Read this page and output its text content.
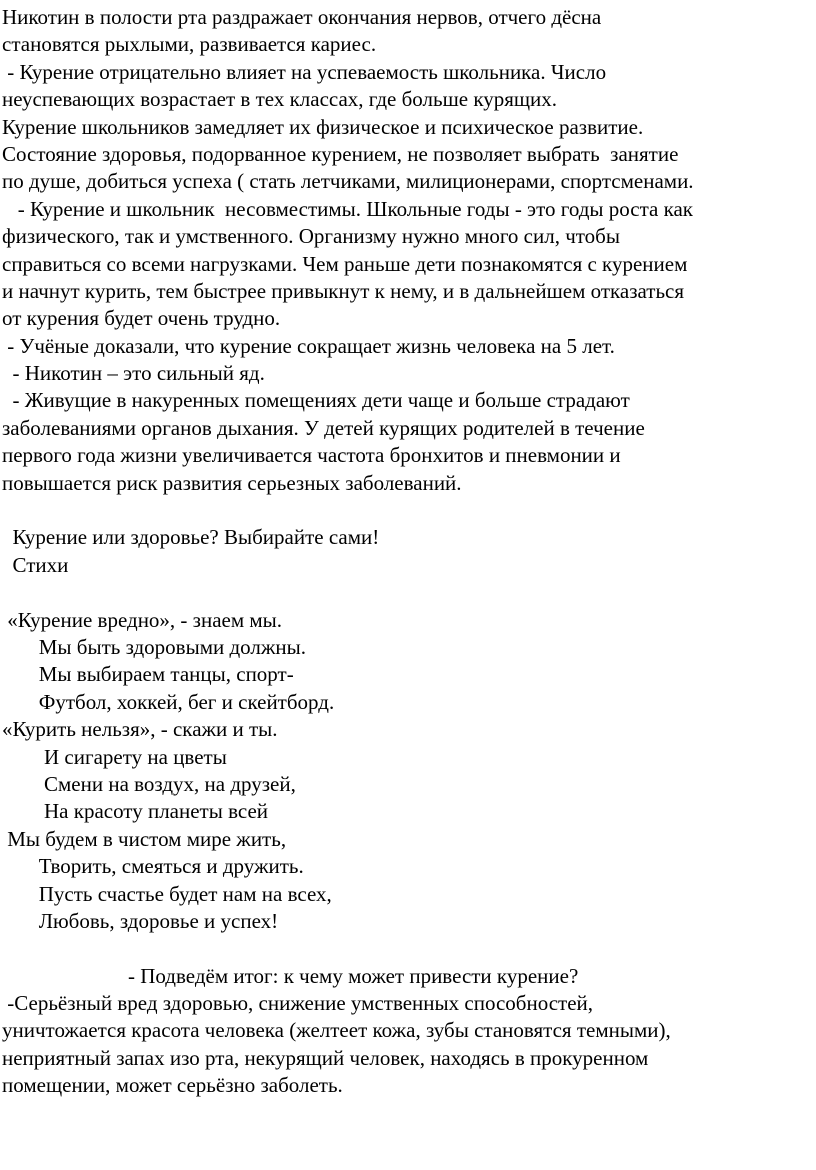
Никотин в полости рта раздражает окончания нервов, отчего дёсна
становятся рыхлыми, развивается кариес.
- Курение отрицательно влияет на успеваемость школьника. Число
неуспевающих возрастает в тех классах, где больше курящих.
Курение школьников замедляет их физическое и психическое развитие.
Состояние здоровья, подорванное курением, не позволяет выбрать  занятие
по душе, добиться успеха ( стать летчиками, милиционерами, спортсменами.
- Курение и школьник  несовместимы. Школьные годы - это годы роста как
физического, так и умственного. Организму нужно много сил, чтобы
справиться со всеми нагрузками. Чем раньше дети познакомятся с курением
и начнут курить, тем быстрее привыкнут к нему, и в дальнейшем отказаться
от курения будет очень трудно.
- Учёные доказали, что курение сокращает жизнь человека на 5 лет.
- Никотин – это сильный яд.
- Живущие в накуренных помещениях дети чаще и больше страдают
заболеваниями органов дыхания. У детей курящих родителей в течение
первого года жизни увеличивается частота бронхитов и пневмонии и
повышается риск развития серьезных заболеваний.
Курение или здоровье? Выбирайте сами!
Стихи
«Курение вредно», - знаем мы.
Мы быть здоровыми должны.
Мы выбираем танцы, спорт-
Футбол, хоккей, бег и скейтборд.
«Курить нельзя», - скажи и ты.
И сигарету на цветы
Смени на воздух, на друзей,
На красоту планеты всей
Мы будем в чистом мире жить,
Творить, смеяться и дружить.
Пусть счастье будет нам на всех,
Любовь, здоровье и успех!
- Подведём итог: к чему может привести курение?
-Серьёзный вред здоровью, снижение умственных способностей,
уничтожается красота человека (желтеет кожа, зубы становятся темными),
неприятный запах изо рта, некурящий человек, находясь в прокуренном
помещении, может серьёзно заболеть.
